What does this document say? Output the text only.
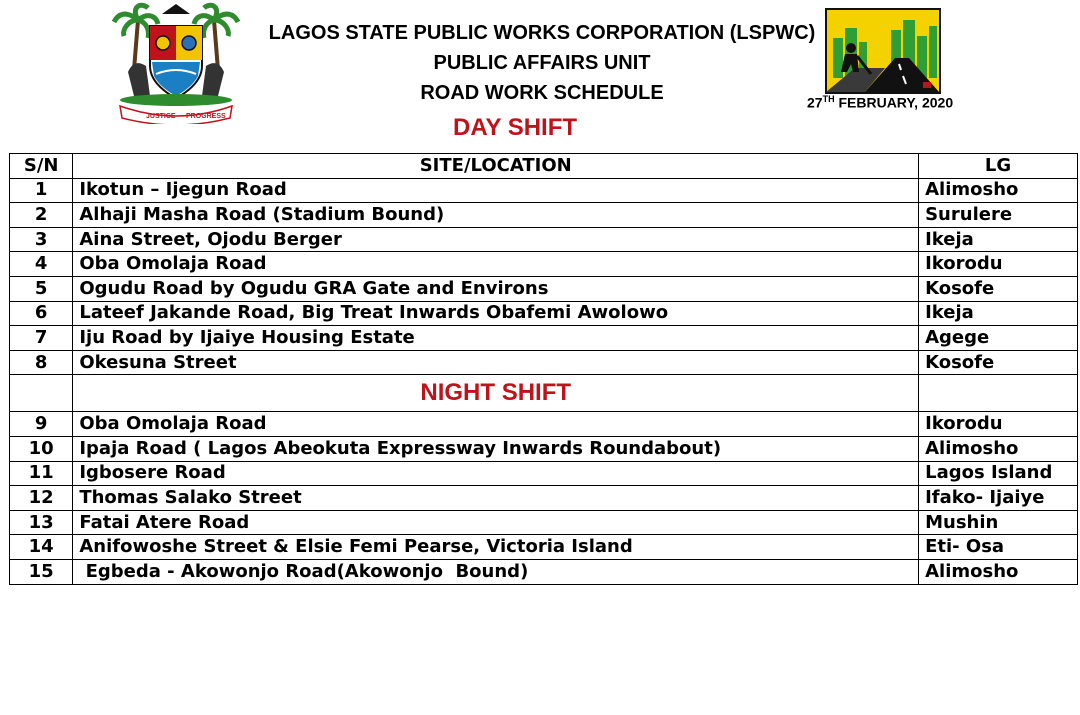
JUSTICE PROGRESS
LAGOS STATE PUBLIC WORKS CORPORATION (LSPWC)
PUBLIC AFFAIRS UNIT
ROAD WORK SCHEDULE	27TH FEBRUARY, 2020
DAY SHIFT
S/N	SITE/LOCATION	LG
1	Ikotun – Ijegun Road	Alimosho
2	Alhaji Masha Road (Stadium Bound)	Surulere
3	Aina Street, Ojodu Berger	Ikeja
4	Oba Omolaja Road	Ikorodu
5	Ogudu Road by Ogudu GRA Gate and Environs	Kosofe
6	Lateef Jakande Road, Big Treat Inwards Obafemi Awolowo	Ikeja
7	Iju Road by Ijaiye Housing Estate	Agege
8	Okesuna Street	Kosofe
	NIGHT SHIFT	
9	Oba Omolaja Road	Ikorodu
10	Ipaja Road ( Lagos Abeokuta Expressway Inwards Roundabout)	Alimosho
11	Igbosere Road	Lagos Island
12	Thomas Salako Street	Ifako- Ijaiye
13	Fatai Atere Road	Mushin
14	Anifowoshe Street & Elsie Femi Pearse, Victoria Island	Eti- Osa
15	Egbeda - Akowonjo Road(Akowonjo  Bound)	Alimosho
